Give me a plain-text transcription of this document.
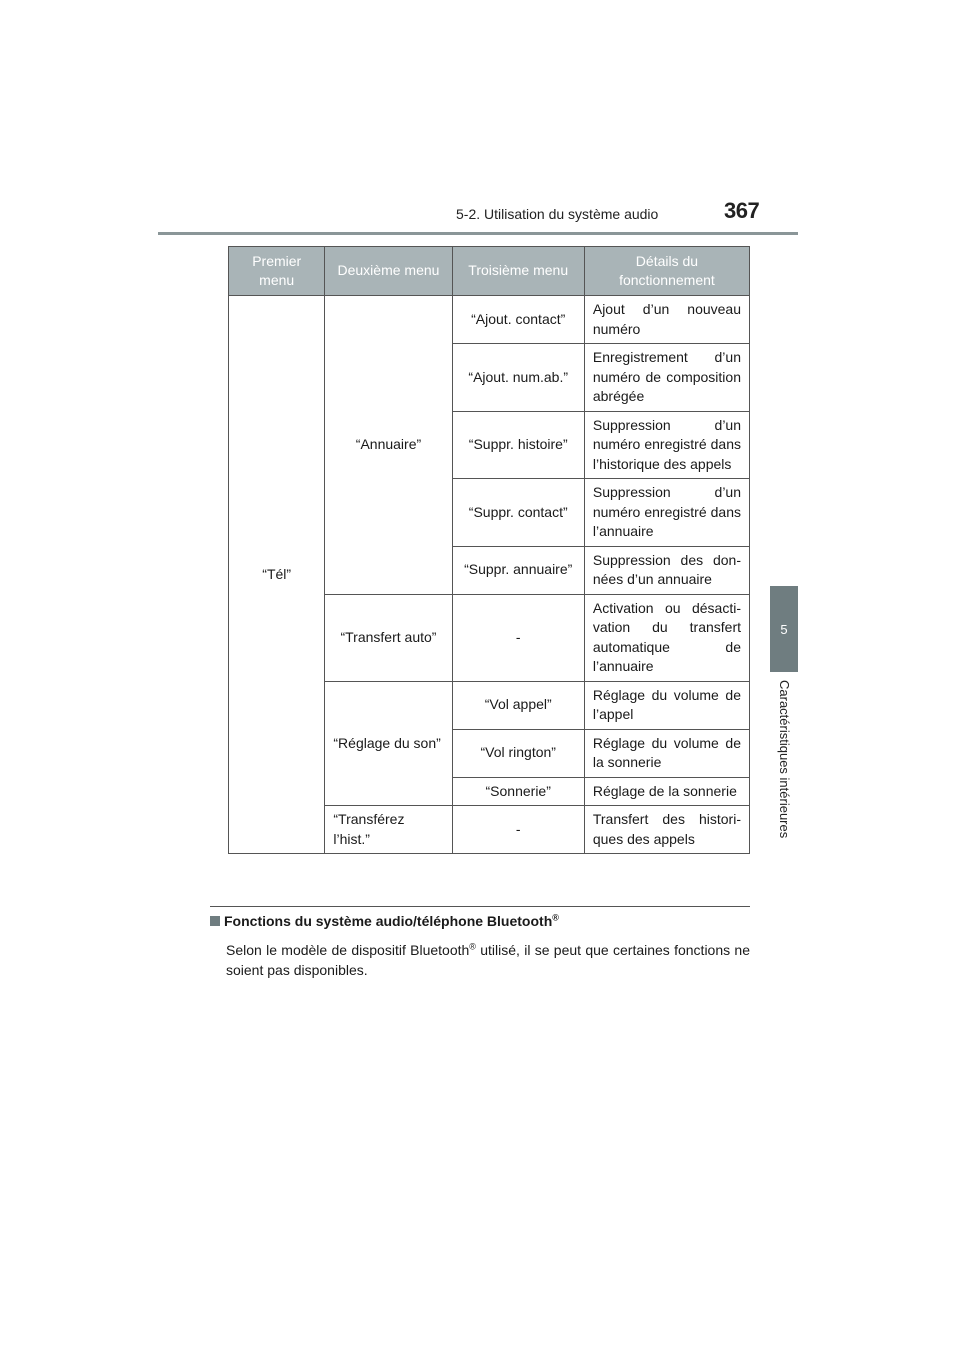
5-2. Utilisation du système audio	367
5
Caractéristiques intérieures
Premier menu	Deuxième menu	Troisième menu	Détails du fonctionnement
“Tél”	“Annuaire”	“Ajout. contact”	Ajout d’un nouveau numéro
		“Ajout. num.ab.”	Enregistrement d’un numéro de composition abrégée
		“Suppr. histoire”	Suppression d’un numéro enregistré dans l’historique des appels
		“Suppr. contact”	Suppression d’un numéro enregistré dans l’annuaire
		“Suppr. annuaire”	Suppression des données d’un annuaire
	“Transfert auto”	-	Activation ou désactivation du transfert automatique de l’annuaire
	“Réglage du son”	“Vol appel”	Réglage du volume de l’appel
		“Vol rington”	Réglage du volume de la sonnerie
		“Sonnerie”	Réglage de la sonnerie
	“Transférez l’hist.”	-	Transfert des historiques des appels
Fonctions du système audio/téléphone Bluetooth®
Selon le modèle de dispositif Bluetooth® utilisé, il se peut que certaines fonctions ne soient pas disponibles.
